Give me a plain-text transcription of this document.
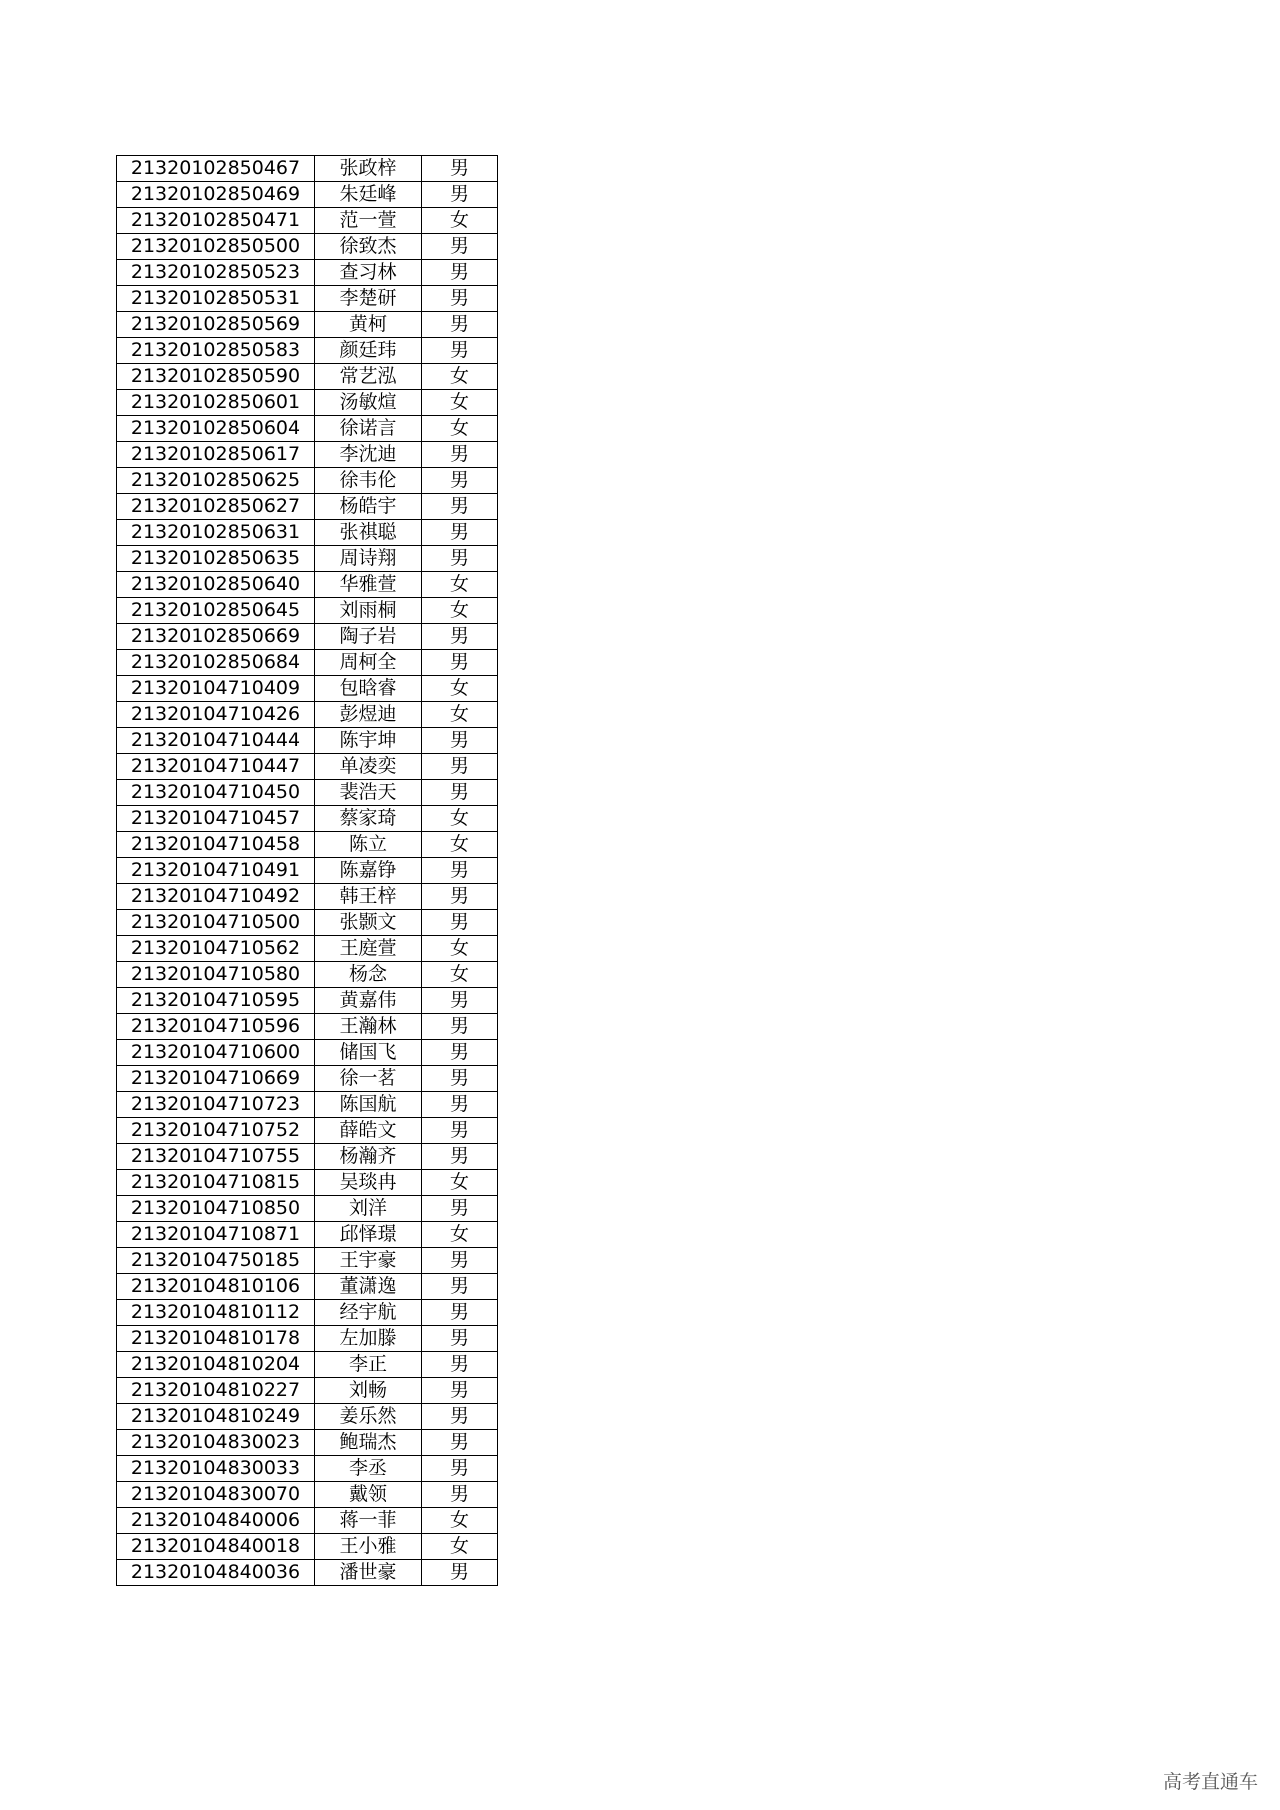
21320102850467	张政梓	男
21320102850469	朱廷峰	男
21320102850471	范一萱	女
21320102850500	徐致杰	男
21320102850523	查习林	男
21320102850531	李楚研	男
21320102850569	黄柯	男
21320102850583	颜廷玮	男
21320102850590	常艺泓	女
21320102850601	汤敏煊	女
21320102850604	徐诺言	女
21320102850617	李沈迪	男
21320102850625	徐韦伦	男
21320102850627	杨皓宇	男
21320102850631	张祺聪	男
21320102850635	周诗翔	男
21320102850640	华雅萱	女
21320102850645	刘雨桐	女
21320102850669	陶子岩	男
21320102850684	周柯全	男
21320104710409	包晗睿	女
21320104710426	彭煜迪	女
21320104710444	陈宇坤	男
21320104710447	单凌奕	男
21320104710450	裴浩天	男
21320104710457	蔡家琦	女
21320104710458	陈立	女
21320104710491	陈嘉铮	男
21320104710492	韩王梓	男
21320104710500	张颢文	男
21320104710562	王庭萱	女
21320104710580	杨念	女
21320104710595	黄嘉伟	男
21320104710596	王瀚林	男
21320104710600	储国飞	男
21320104710669	徐一茗	男
21320104710723	陈国航	男
21320104710752	薛皓文	男
21320104710755	杨瀚齐	男
21320104710815	吴琰冉	女
21320104710850	刘洋	男
21320104710871	邱怿璟	女
21320104750185	王宇豪	男
21320104810106	董潇逸	男
21320104810112	经宇航	男
21320104810178	左加滕	男
21320104810204	李正	男
21320104810227	刘畅	男
21320104810249	姜乐然	男
21320104830023	鲍瑞杰	男
21320104830033	李丞	男
21320104830070	戴领	男
21320104840006	蒋一菲	女
21320104840018	王小雅	女
21320104840036	潘世豪	男
高考直通车
